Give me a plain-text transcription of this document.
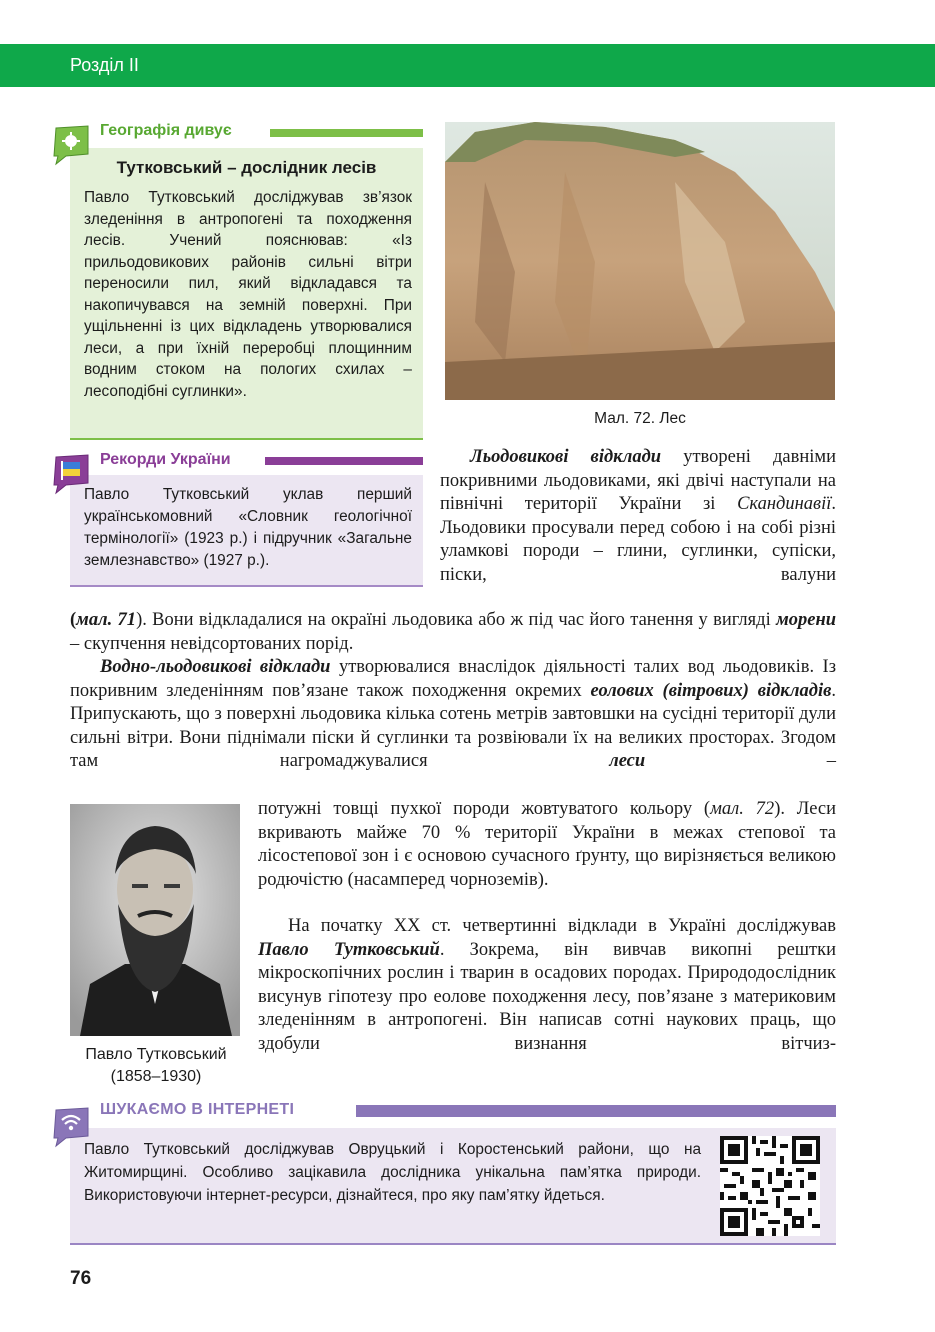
Розділ ІІ
Географія дивує
Тутковський – дослідник лесів
Павло Тутковський досліджував зв’язок зледеніння в антропогені та походження лесів. Учений пояснював: «Із прильодовикових районів сильні вітри переносили пил, який відкладався та накопичувався на земній поверхні. При ущільненні із цих відкладень утворювалися леси, а при їхній переробці площинним водним стоком на пологих схилах – лесоподібні суглинки».
Рекорди України
Павло Тутковський уклав перший українськомовний «Словник геологічної термінології» (1923 р.) і підручник «Загальне землезнавство» (1927 р.).
Мал. 72. Лес
Льодовикові відклади утворені давніми покривними льодовиками, які двічі наступали на північні території України зі Скандинавії. Льодовики просували перед собою і на собі різні уламкові породи – глини, суглинки, супіски, піски, валуни
(мал. 71). Вони відкладалися на окраїні льодовика або ж під час його танення у вигляді морени – скупчення невідсортованих порід.
Водно-льодовикові відклади утворювалися внаслідок діяльності талих вод льодовиків. Із покривним зледенінням пов’язане також походження окремих еолових (вітрових) відкладів. Припускають, що з поверхні льодовика кілька сотень метрів завтовшки на сусідні території дули сильні вітри. Вони піднімали піски й суглинки та розвіювали їх на великих просторах. Згодом там нагромаджувалися леси –
потужні товщі пухкої породи жовтуватого кольору (мал. 72). Леси вкривають майже 70 % території України в межах степової та лісостепової зон і є основою сучасного ґрунту, що вирізняється великою родючістю (насамперед чорноземів).
На початку XX ст. четвертинні відклади в Україні досліджував Павло Тутковський. Зокрема, він вивчав викопні рештки мікроскопічних рослин і тварин в осадових породах. Природодослідник висунув гіпотезу про еолове походження лесу, пов’язане з материковим зледенінням в антропогені. Він написав сотні наукових праць, що здобули визнання вітчиз-
Павло Тутковський
(1858–1930)
ШУКАЄМО В ІНТЕРНЕТІ
Павло Тутковський досліджував Овруцький і Коростенський райони, що на Житомирщині. Особливо зацікавила дослідника унікальна пам’ятка природи. Використовуючи інтернет-ресурси, дізнайтеся, про яку пам’ятку йдеться.
76
